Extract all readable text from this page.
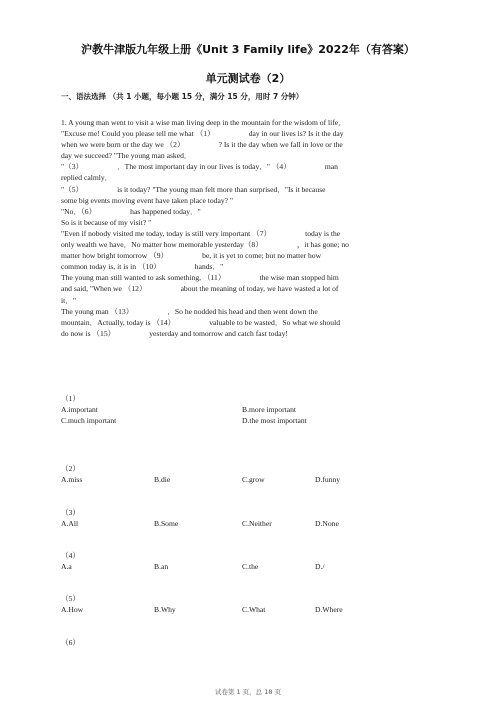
沪教牛津版九年级上册《Unit 3 Family life》2022年（有答案）
单元测试卷（2）
一、语法选择 （共 1 小题，每小题 15 分，满分 15 分，用时 7 分钟）

1. A young man went to visit a wise man living deep in the mountain for the wisdom of life．

"Excuse me! Could you please tell me what （1）	day in our lives is? Is it the day

when we were born or the day we （2）	? Is it the day when we fall in love or the

day we succeed? "The young man asked．

"（3）	．The most important day in our lives is today．" （4）	man

replied calmly．

"（5）	is it today? "The young man felt more than surprised．"Is it because

some big events moving event have taken place today? "

"No．（6）	has happened today．"

So is it because of my visit? "

"Even if nobody visited me today, today is still very important （7）	today is the

only wealth we have．No matter how memorable yesterday（8）	，it has gone; no

matter how bright tomorrow （9）	be, it is yet to come; but no matter how

common today is, it is in （10）	hands．"

The young man still wanted to ask something, （11）	the wise man stopped him

and said, "When we （12）	about the meaning of today, we have wasted a lot of

it．"

The young man （13）	．So he nodded his head and then went down the

mountain．Actually, today is （14）	valuable to be wasted．So what we should

do now is （15）	yesterday and tomorrow and catch fast today!

（1）
A.important	B.more important
C.much important	D.the most important
（2）
A.miss	B.die	C.grow	D.funny
（3）
A.All	B.Some	C.Neither	D.None
（4）
A.a	B.an	C.the	D./
（5）
A.How	B.Why	C.What	D.Where
（6）
试卷第 1 页，总 18 页
